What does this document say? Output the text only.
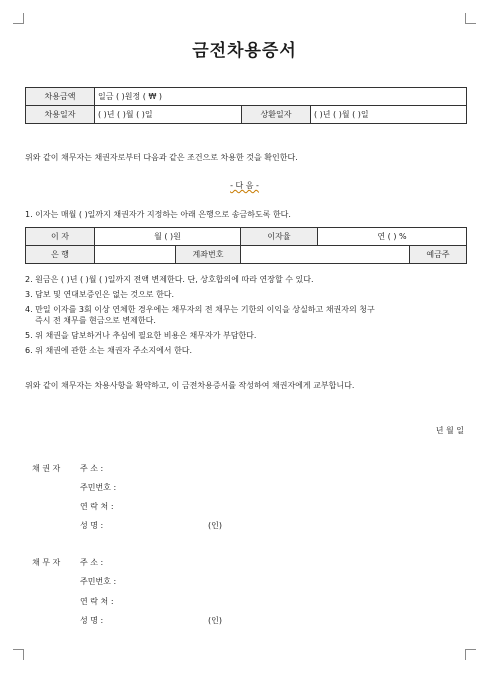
금전차용증서
차용금액	일금 ( )원정 ( ₩ )		
차용일자	( )년 ( )월 ( )일	상환일자	( )년 ( )월 ( )일
위와 같이 채무자는 채권자로부터 다음과 같은 조건으로 차용한 것을 확인한다.
- 다 음 -
1. 이자는 매월 ( )일까지 채권자가 지정하는 아래 은행으로 송금하도록 한다.
이 자	월 ( )원		이자율	연 ( ) %	
은 행		계좌번호			예금주
2. 원금은 ( )년 ( )월 ( )일까지 전액 변제한다. 단, 상호합의에 따라 연장할 수 있다.
3. 담보 및 연대보증인은 없는 것으로 한다.
4. 만일 이자를 3회 이상 연체한 경우에는 채무자의 전 채무는 기한의 이익을 상실하고 채권자의 청구
즉시 전 채무를 현금으로 변제한다.
5. 위 채권을 담보하거나 추심에 필요한 비용은 채무자가 부담한다.
6. 위 채권에 관한 소는 채권자 주소지에서 한다.
위와 같이 채무자는 차용사항을 확약하고, 이 금전차용증서를 작성하여 채권자에게 교부합니다.
년 월 일
채 권 자 주 소 :
주민번호 :
연 락 처 :
성 명 :	(인)
채 무 자 주 소 :
주민번호 :
연 락 처 :
성 명 :	(인)
